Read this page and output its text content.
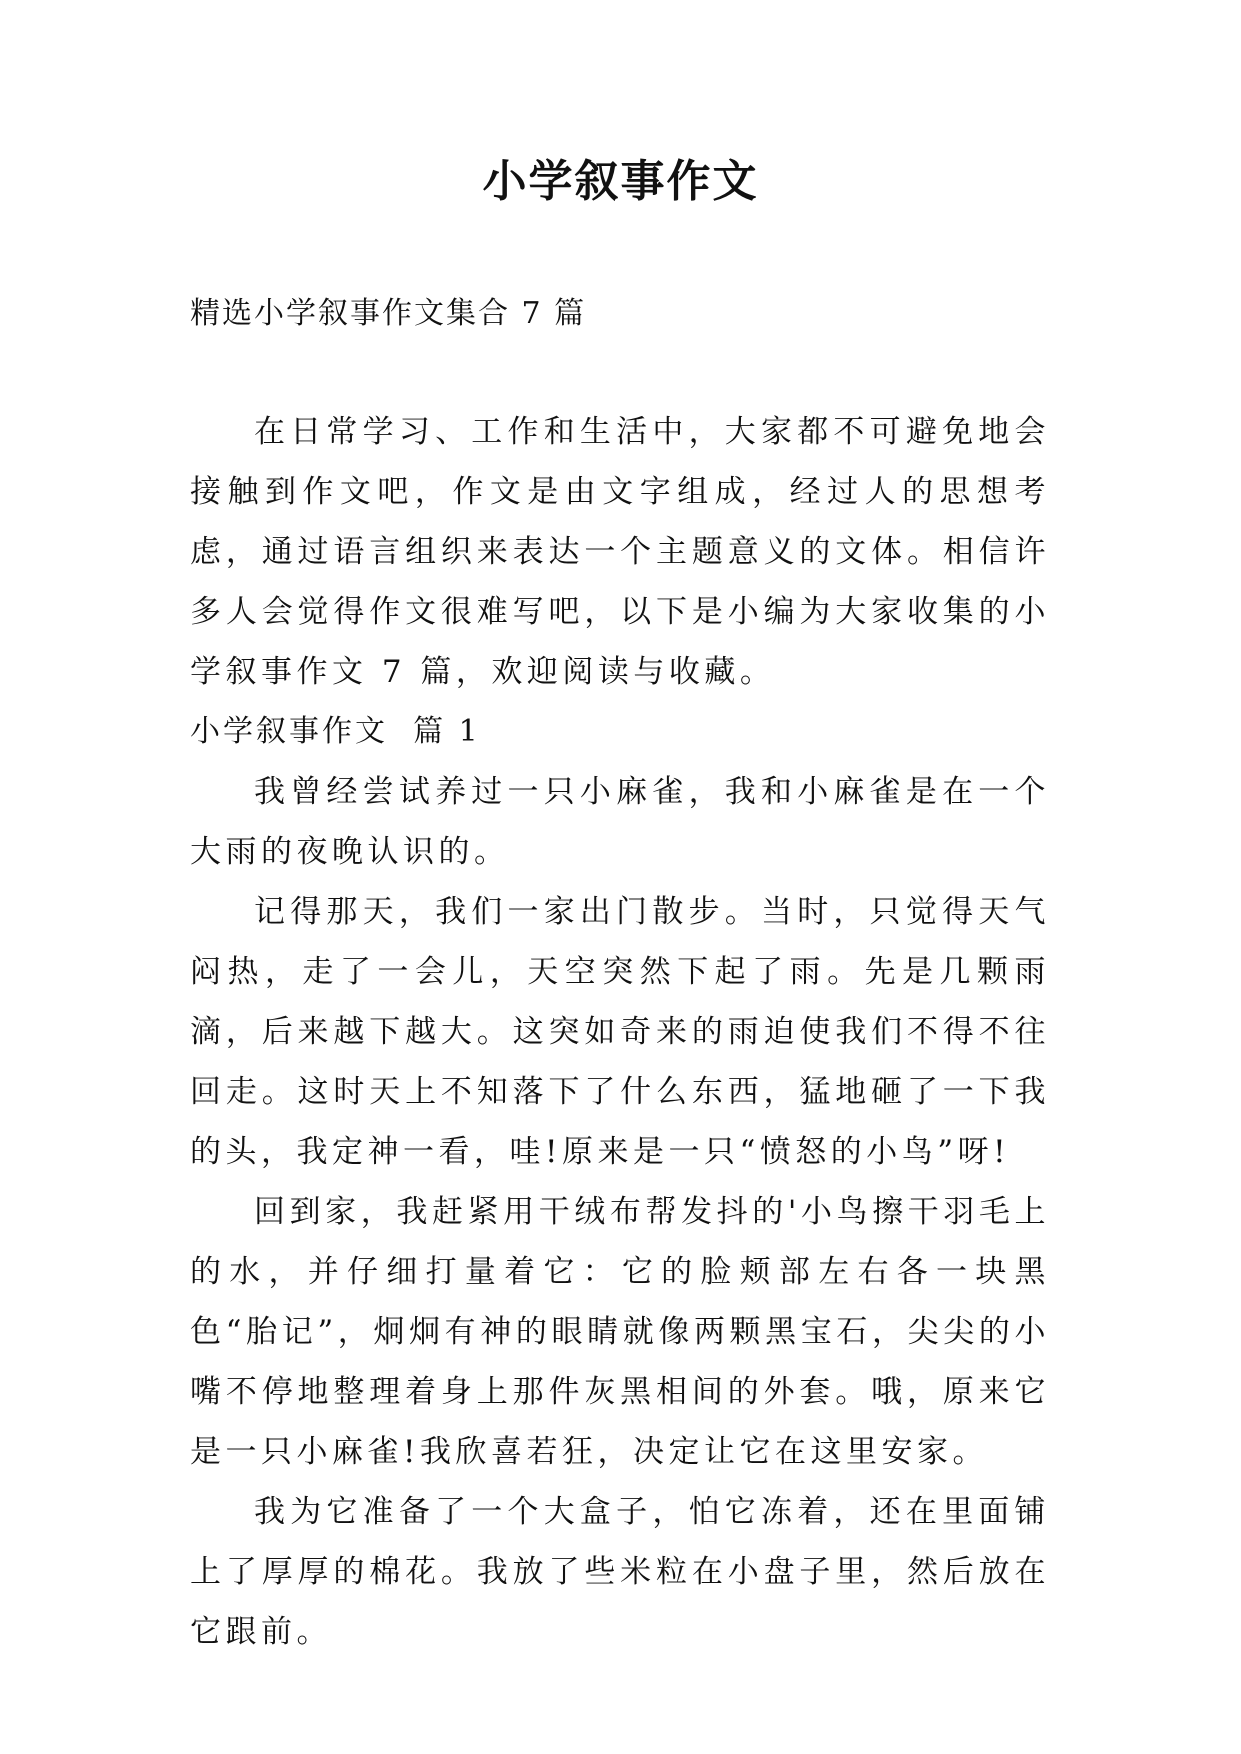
小学叙事作文
精选小学叙事作文集合 7 篇

在日常学习、工作和生活中，大家都不可避免地会接触到作文吧，作文是由文字组成，经过人的思想考虑，通过语言组织来表达一个主题意义的文体。相信许多人会觉得作文很难写吧，以下是小编为大家收集的小学叙事作文 7 篇，欢迎阅读与收藏。

小学叙事作文  篇 1

我曾经尝试养过一只小麻雀，我和小麻雀是在一个大雨的夜晚认识的。

记得那天，我们一家出门散步。当时，只觉得天气闷热，走了一会儿，天空突然下起了雨。先是几颗雨滴，后来越下越大。这突如奇来的雨迫使我们不得不往回走。这时天上不知落下了什么东西，猛地砸了一下我的头，我定神一看，哇!原来是一只“愤怒的小鸟”呀!

回到家，我赶紧用干绒布帮发抖的'小鸟擦干羽毛上的水，并仔细打量着它：它的脸颊部左右各一块黑色“胎记”，炯炯有神的眼睛就像两颗黑宝石，尖尖的小嘴不停地整理着身上那件灰黑相间的外套。哦，原来它是一只小麻雀!我欣喜若狂，决定让它在这里安家。

我为它准备了一个大盒子，怕它冻着，还在里面铺上了厚厚的棉花。我放了些米粒在小盘子里，然后放在它跟前。
